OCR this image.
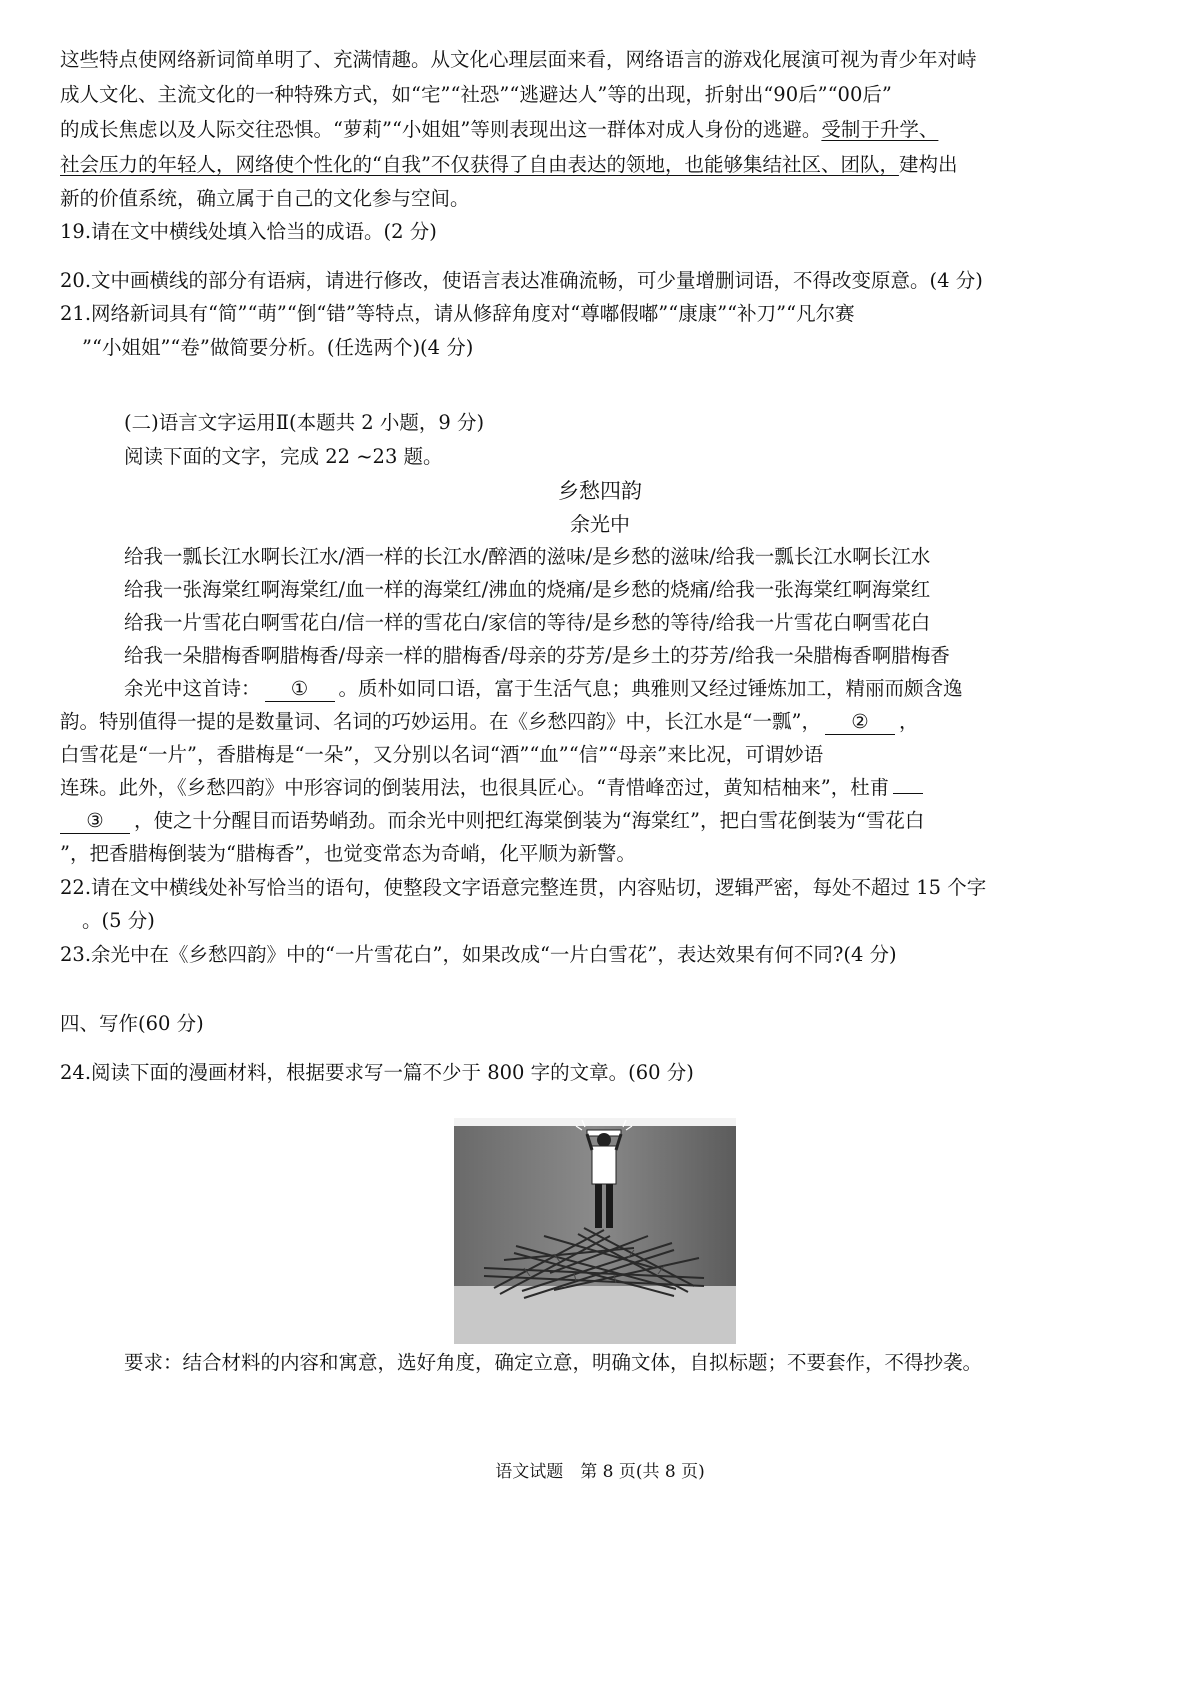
这些特点使网络新词简单明了、充满情趣。从文化心理层面来看，网络语言的游戏化展演可视为青少年对峙
成人文化、主流文化的一种特殊方式，如“宅”“社恐”“逃避达人”等的出现，折射出“90后”“00后”
的成长焦虑以及人际交往恐惧。“萝莉”“小姐姐”等则表现出这一群体对成人身份的逃避。受制于升学、
社会压力的年轻人，网络使个性化的“自我”不仅获得了自由表达的领地，也能够集结社区、团队，建构出
新的价值系统，确立属于自己的文化参与空间。
19.请在文中横线处填入恰当的成语。(2 分)
20.文中画横线的部分有语病，请进行修改，使语言表达准确流畅，可少量增删词语，不得改变原意。(4 分)
21.网络新词具有“简”“萌”“倒“错”等特点，请从修辞角度对“尊嘟假嘟”“康康”“补刀”“凡尔赛
”“小姐姐”“卷”做简要分析。(任选两个)(4 分)
(二)语言文字运用Ⅱ(本题共 2 小题，9 分)
阅读下面的文字，完成 22 ~23 题。
乡愁四韵
余光中
给我一瓢长江水啊长江水/酒一样的长江水/醉酒的滋味/是乡愁的滋味/给我一瓢长江水啊长江水
给我一张海棠红啊海棠红/血一样的海棠红/沸血的烧痛/是乡愁的烧痛/给我一张海棠红啊海棠红
给我一片雪花白啊雪花白/信一样的雪花白/家信的等待/是乡愁的等待/给我一片雪花白啊雪花白
给我一朵腊梅香啊腊梅香/母亲一样的腊梅香/母亲的芬芳/是乡土的芬芳/给我一朵腊梅香啊腊梅香
余光中这首诗： ① 。质朴如同口语，富于生活气息；典雅则又经过锤炼加工，精丽而颇含逸
韵。特别值得一提的是数量词、名词的巧妙运用。在《乡愁四韵》中，长江水是“一瓢”， ② ，
白雪花是“一片”，香腊梅是“一朵”，又分别以名词“酒”“血”“信”“母亲”来比况，可谓妙语
连珠。此外，《乡愁四韵》中形容词的倒装用法，也很具匠心。“青惜峰峦过，黄知桔柚来”，杜甫
③ ，使之十分醒目而语势峭劲。而余光中则把红海棠倒装为“海棠红”，把白雪花倒装为“雪花白
”，把香腊梅倒装为“腊梅香”，也觉变常态为奇峭，化平顺为新警。
22.请在文中横线处补写恰当的语句，使整段文字语意完整连贯，内容贴切，逻辑严密，每处不超过 15 个字
。(5 分)
23.余光中在《乡愁四韵》中的“一片雪花白”，如果改成“一片白雪花”，表达效果有何不同?(4 分)
四、写作(60 分)
24.阅读下面的漫画材料，根据要求写一篇不少于 800 字的文章。(60 分)
要求：结合材料的内容和寓意，选好角度，确定立意，明确文体，自拟标题；不要套作，不得抄袭。
语文试题　第 8 页(共 8 页)
